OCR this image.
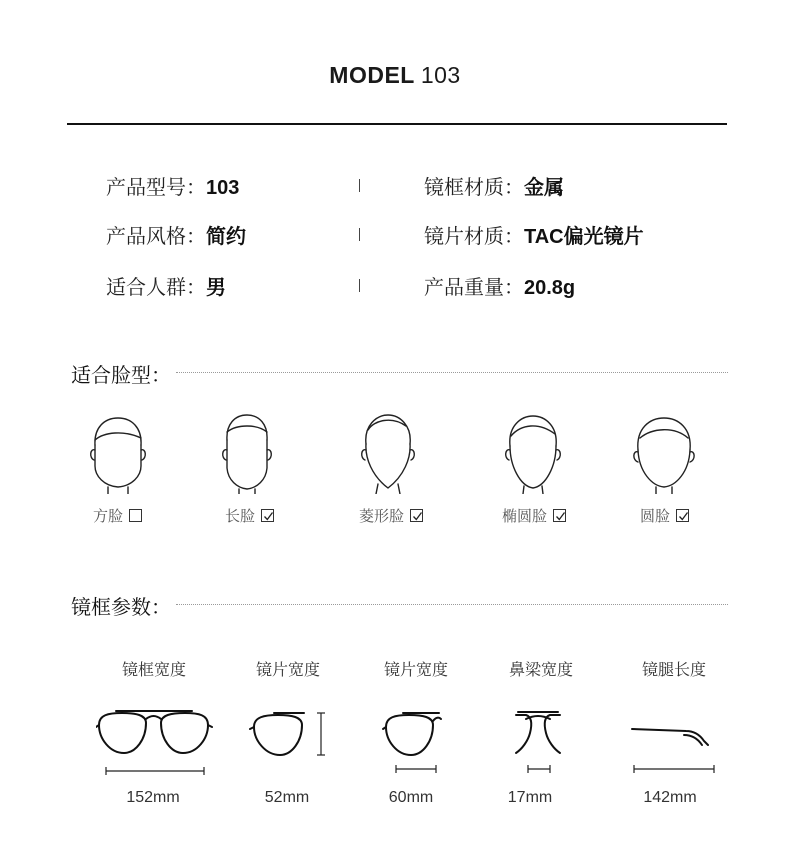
MODEL 103
产品型号：103
产品风格：简约
适合人群：男
镜框材质：金属
镜片材质：TAC偏光镜片
产品重量：20.8g
适合脸型：
方脸	长脸	菱形脸	椭圆脸	圆脸
镜框参数：
镜框宽度	镜片宽度	镜片宽度	鼻梁宽度	镜腿长度
152mm	52mm	60mm	17mm	142mm
